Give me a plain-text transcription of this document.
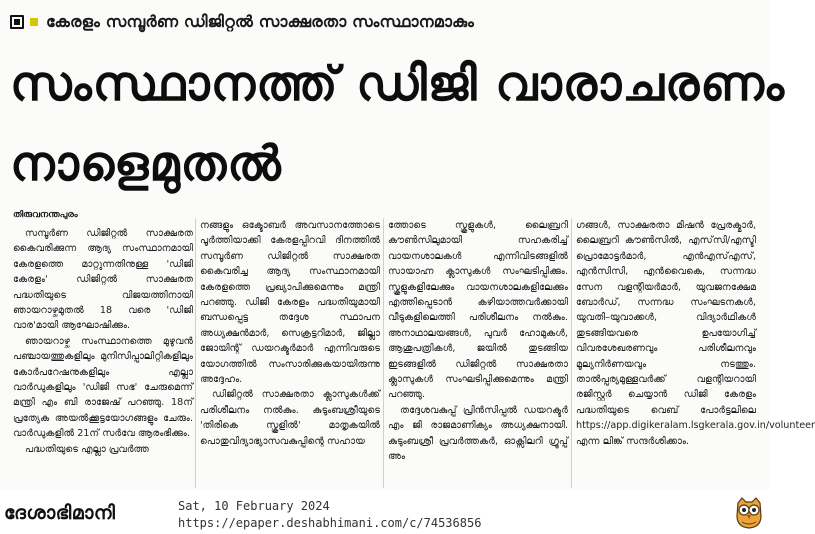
കേരളം സമ്പൂർണ ഡിജിറ്റൽ സാക്ഷരതാ സംസ്ഥാനമാകും
സംസ്ഥാനത്ത് ഡിജി വാരാചരണം
നാളെമുതൽ
തിരുവനന്തപുരം

സമ്പൂർണ ഡിജിറ്റൽ സാക്ഷരത കൈവരിക്കുന്ന ആദ്യ സംസ്ഥാനമായി കേരളത്തെ മാറ്റുന്നതിനുള്ള 'ഡിജി കേരളം' ഡിജിറ്റൽ സാക്ഷരത പദ്ധതിയുടെ വിജയത്തിനായി ഞായറാഴ്ചമുതൽ 18 വരെ 'ഡിജി വാര'മായി ആഘോഷിക്കും.

ഞായറാഴ്ച സംസ്ഥാനത്തെ മുഴുവൻ പഞ്ചായത്തുകളിലും മുനിസിപ്പാലിറ്റികളിലും കോർപറേഷനുകളിലും എല്ലാ വാർഡുകളിലും 'ഡിജി സഭ' ചേരുമെന്ന് മന്ത്രി എം ബി രാജേഷ് പറഞ്ഞു. 18ന് പ്രത്യേക അയൽക്കൂട്ടയോഗങ്ങളും ചേരും. വാർഡുകളിൽ 21ന് സർവേ ആരംഭിക്കും.

പദ്ധതിയുടെ എല്ലാ പ്രവർത്ത

നങ്ങളും ഒക്ടോബർ അവസാനത്തോടെ പൂർത്തിയാക്കി കേരളപ്പിറവി ദിനത്തിൽ സമ്പൂർണ ഡിജിറ്റൽ സാക്ഷരത കൈവരിച്ച ആദ്യ സംസ്ഥാനമായി കേരളത്തെ പ്രഖ്യാപിക്കുമെന്നും മന്ത്രി പറഞ്ഞു. ഡിജി കേരളം പദ്ധതിയുമായി ബന്ധപ്പെട്ട തദ്ദേശ സ്ഥാപന അധ്യക്ഷൻമാർ, സെക്രട്ടറിമാർ, ജില്ലാ ജോയിന്റ് ഡയറക്ടർമാർ എന്നിവരുടെ യോഗത്തിൽ സംസാരിക്കുകയായിരുന്നു അദ്ദേഹം.

ഡിജിറ്റൽ സാക്ഷരതാ ക്ലാസുകൾക്ക് പരിശീലനം നൽകും. കുടുംബശ്രീയുടെ 'തിരികെ സ്കൂളിൽ' മാതൃകയിൽ പൊതുവിദ്യാഭ്യാസവകുപ്പിന്റെ സഹായ

ത്തോടെ സ്കൂളുകൾ, ലൈബ്രറി കൗൺസിലുമായി സഹകരിച്ച് വായനശാലകൾ എന്നിവിടങ്ങളിൽ സായാഹ്ന ക്ലാസുകൾ സംഘടിപ്പിക്കും. സ്കൂളുകളിലേക്കും വായനശാലകളിലേക്കും എത്തിപ്പെടാൻ കഴിയാത്തവർക്കായി വീടുകളിലെത്തി പരിശീലനം നൽകും. അനാഥാലയങ്ങൾ, പുവർ ഹോമുകൾ, ആശുപത്രികൾ, ജയിൽ തുടങ്ങിയ ഇടങ്ങളിൽ ഡിജിറ്റൽ സാക്ഷരതാ ക്ലാസുകൾ സംഘടിപ്പിക്കുമെന്നും മന്ത്രി പറഞ്ഞു.

തദ്ദേശവകുപ്പ് പ്രിൻസിപ്പൽ ഡയറക്ടർ എം ജി രാജമാണിക്യം അധ്യക്ഷനായി. കുടുംബശ്രീ പ്രവർത്തകർ, ഓക്സിലറി ഗ്രൂപ്പ് അം

ഗങ്ങൾ, സാക്ഷരതാ മിഷൻ പ്രേരക്മാർ, ലൈബ്രറി കൗൺസിൽ, എസ്‌സി/എസ്ടി പ്രൊമോട്ടർമാർ, എൻഎസ്എസ്, എൻസിസി, എൻവൈകെ, സന്നദ്ധ സേന വളന്റിയർമാർ, യുവജനക്ഷേമ ബോർഡ്, സന്നദ്ധ സംഘടനകൾ, യുവതി–യുവാക്കൾ, വിദ്യാർഥികൾ തുടങ്ങിയവരെ ഉപയോഗിച്ച് വിവരശേഖരണവും പരിശീലനവും മൂല്യനിർണയവും നടത്തും. താൽപ്പര്യമുള്ളവർക്ക് വളന്റിയറായി രജിസ്റ്റർ ചെയ്യാൻ ഡിജി കേരളം പദ്ധതിയുടെ വെബ് പോർട്ടലിലെ https://app.digikeralam.lsgkerala.gov.in/volunteer എന്ന ലിങ്ക് സന്ദർശിക്കാം.

ദേശാഭിമാനി	Sat, 10 February 2024
https://epaper.deshabhimani.com/c/74536856
